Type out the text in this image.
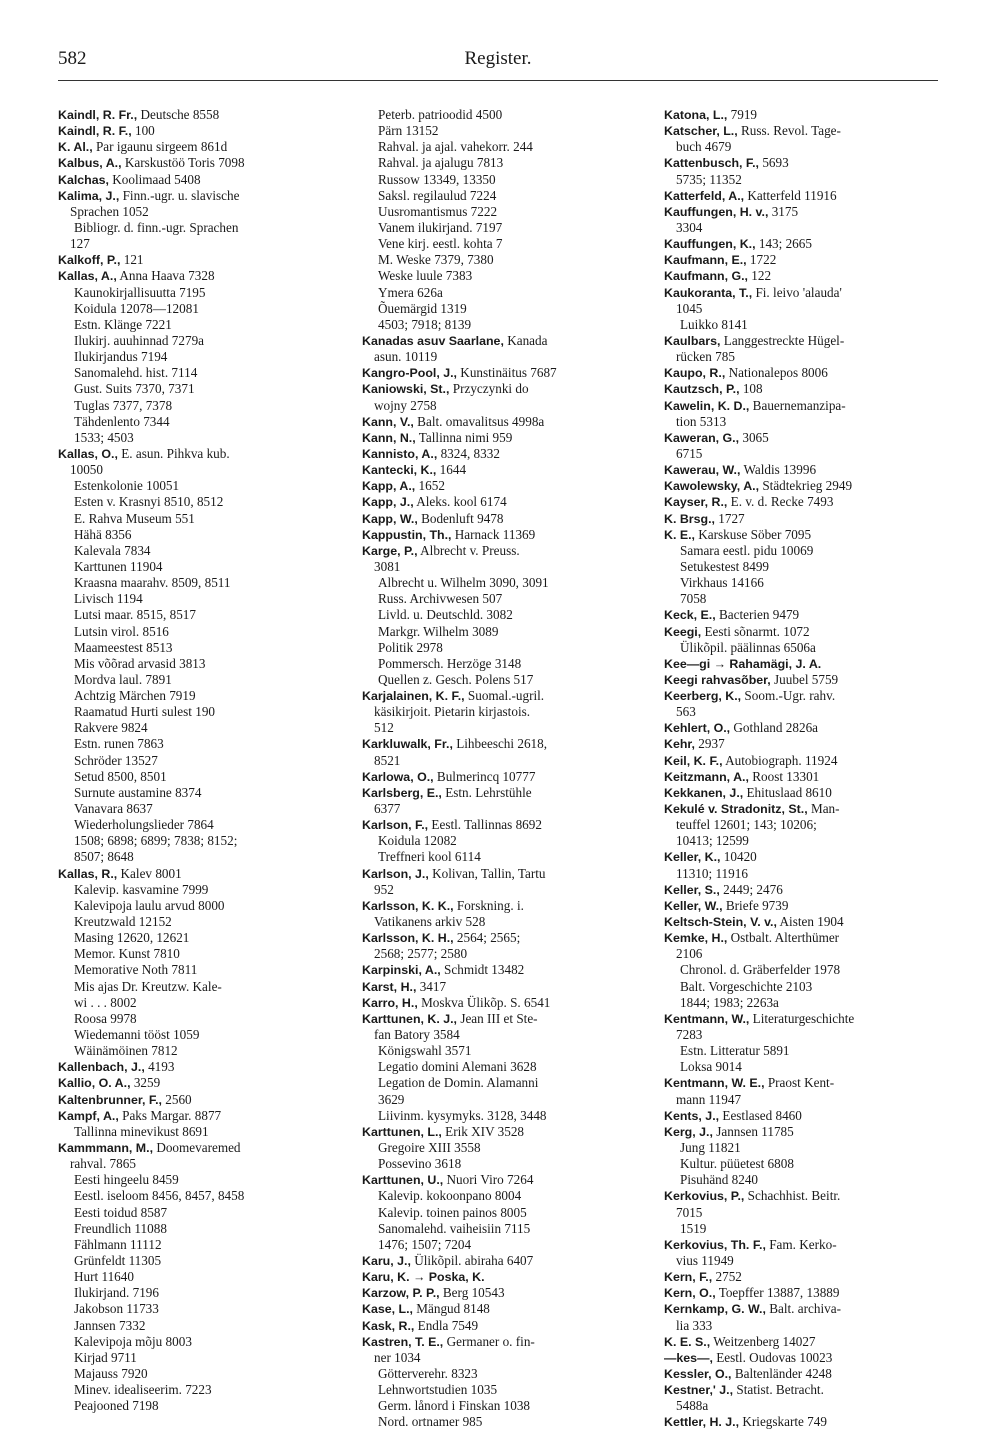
582	Register.
Kaindl, R. Fr., Deutsche 8558
Kaindl, R. F., 100
K. Al., Par igaunu sirgeem 861d
Kalbus, A., Karskustöö Toris 7098
Kalchas, Koolimaad 5408
Kalima, J., Finn.-ugr. u. slavische
Sprachen 1052
Bibliogr. d. finn.-ugr. Sprachen
127
Kalkoff, P., 121
Kallas, A., Anna Haava 7328
Kaunokirjallisuutta 7195
Koidula 12078—12081
Estn. Klänge 7221
Ilukirj. auuhinnad 7279a
Ilukirjandus 7194
Sanomalehd. hist. 7114
Gust. Suits 7370, 7371
Tuglas 7377, 7378
Tähdenlento 7344
1533; 4503
Kallas, O., E. asun. Pihkva kub.
10050
Estenkolonie 10051
Esten v. Krasnyi 8510, 8512
E. Rahva Museum 551
Hähä 8356
Kalevala 7834
Karttunen 11904
Kraasna maarahv. 8509, 8511
Livisch 1194
Lutsi maar. 8515, 8517
Lutsin virol. 8516
Maameestest 8513
Mis võõrad arvasid 3813
Mordva laul. 7891
Achtzig Märchen 7919
Raamatud Hurti sulest 190
Rakvere 9824
Estn. runen 7863
Schröder 13527
Setud 8500, 8501
Surnute austamine 8374
Vanavara 8637
Wiederholungslieder 7864
1508; 6898; 6899; 7838; 8152;
8507; 8648
Kallas, R., Kalev 8001
Kalevip. kasvamine 7999
Kalevipoja laulu arvud 8000
Kreutzwald 12152
Masing 12620, 12621
Memor. Kunst 7810
Memorative Noth 7811
Mis ajas Dr. Kreutzw. Kale-
wi . . . 8002
Roosa 9978
Wiedemanni tööst 1059
Wäinämöinen 7812
Kallenbach, J., 4193
Kallio, O. A., 3259
Kaltenbrunner, F., 2560
Kampf, A., Paks Margar. 8877
Tallinna minevikust 8691
Kammmann, M., Doomevaremed
rahval. 7865
Eesti hingeelu 8459
Eestl. iseloom 8456, 8457, 8458
Eesti toidud 8587
Freundlich 11088
Fählmann 11112
Grünfeldt 11305
Hurt 11640
Ilukirjand. 7196
Jakobson 11733
Jannsen 7332
Kalevipoja mõju 8003
Kirjad 9711
Majauss 7920
Minev. idealiseerim. 7223
Peajooned 7198
Peterb. patrioodid 4500
Pärn 13152
Rahval. ja ajal. vahekorr. 244
Rahval. ja ajalugu 7813
Russow 13349, 13350
Saksl. regilaulud 7224
Uusromantismus 7222
Vanem ilukirjand. 7197
Vene kirj. eestl. kohta 7
M. Weske 7379, 7380
Weske luule 7383
Ymera 626a
Õuemärgid 1319
4503; 7918; 8139
Kanadas asuv Saarlane, Kanada
asun. 10119
Kangro-Pool, J., Kunstinäitus 7687
Kaniowski, St., Przyczynki do
wojny 2758
Kann, V., Balt. omavalitsus 4998a
Kann, N., Tallinna nimi 959
Kannisto, A., 8324, 8332
Kantecki, K., 1644
Kapp, A., 1652
Kapp, J., Aleks. kool 6174
Kapp, W., Bodenluft 9478
Kappustin, Th., Harnack 11369
Karge, P., Albrecht v. Preuss.
3081
Albrecht u. Wilhelm 3090, 3091
Russ. Archivwesen 507
Livld. u. Deutschld. 3082
Markgr. Wilhelm 3089
Politik 2978
Pommersch. Herzöge 3148
Quellen z. Gesch. Polens 517
Karjalainen, K. F., Suomal.-ugril.
käsikirjoit. Pietarin kirjastois.
512
Karkluwalk, Fr., Lihbeeschi 2618,
8521
Karlowa, O., Bulmerincq 10777
Karlsberg, E., Estn. Lehrstühle
6377
Karlson, F., Eestl. Tallinnas 8692
Koidula 12082
Treffneri kool 6114
Karlson, J., Kolivan, Tallin, Tartu
952
Karlsson, K. K., Forskning. i.
Vatikanens arkiv 528
Karlsson, K. H., 2564; 2565;
2568; 2577; 2580
Karpinski, A., Schmidt 13482
Karst, H., 3417
Karro, H., Moskva Ülikõp. S. 6541
Karttunen, K. J., Jean III et Ste-
fan Batory 3584
Königswahl 3571
Legatio domini Alemani 3628
Legation de Domin. Alamanni
3629
Liivinm. kysymyks. 3128, 3448
Karttunen, L., Erik XIV 3528
Gregoire XIII 3558
Possevino 3618
Karttunen, U., Nuori Viro 7264
Kalevip. kokoonpano 8004
Kalevip. toinen painos 8005
Sanomalehd. vaiheisiin 7115
1476; 1507; 7204
Karu, J., Ülikõpil. abiraha 6407
Karu, K. → Poska, K.
Karzow, P. P., Berg 10543
Kase, L., Mängud 8148
Kask, R., Endla 7549
Kastren, T. E., Germaner o. fin-
ner 1034
Götterverehr. 8323
Lehnwortstudien 1035
Germ. lånord i Finskan 1038
Nord. ortnamer 985
Katona, L., 7919
Katscher, L., Russ. Revol. Tage-
buch 4679
Kattenbusch, F., 5693
5735; 11352
Katterfeld, A., Katterfeld 11916
Kauffungen, H. v., 3175
3304
Kauffungen, K., 143; 2665
Kaufmann, E., 1722
Kaufmann, G., 122
Kaukoranta, T., Fi. leivo 'alauda'
1045
Luikko 8141
Kaulbars, Langgestreckte Hügel-
rücken 785
Kaupo, R., Nationalepos 8006
Kautzsch, P., 108
Kawelin, K. D., Bauernemanzipa-
tion 5313
Kaweran, G., 3065
6715
Kawerau, W., Waldis 13996
Kawolewsky, A., Städtekrieg 2949
Kayser, R., E. v. d. Recke 7493
K. Brsg., 1727
K. E., Karskuse Söber 7095
Samara eestl. pidu 10069
Setukestest 8499
Virkhaus 14166
7058
Keck, E., Bacterien 9479
Keegi, Eesti sõnarmt. 1072
Ülikõpil. päälinnas 6506a
Kee—gi → Rahamägi, J. A.
Keegi rahvasõber, Juubel 5759
Keerberg, K., Soom.-Ugr. rahv.
563
Kehlert, O., Gothland 2826a
Kehr, 2937
Keil, K. F., Autobiograph. 11924
Keitzmann, A., Roost 13301
Kekkanen, J., Ehituslaad 8610
Kekulé v. Stradonitz, St., Man-
teuffel 12601; 143; 10206;
10413; 12599
Keller, K., 10420
11310; 11916
Keller, S., 2449; 2476
Keller, W., Briefe 9739
Keltsch-Stein, V. v., Aisten 1904
Kemke, H., Ostbalt. Alterthümer
2106
Chronol. d. Gräberfelder 1978
Balt. Vorgeschichte 2103
1844; 1983; 2263a
Kentmann, W., Literaturgeschichte
7283
Estn. Litteratur 5891
Loksa 9014
Kentmann, W. E., Praost Kent-
mann 11947
Kents, J., Eestlased 8460
Kerg, J., Jannsen 11785
Jung 11821
Kultur. püüetest 6808
Pisuhänd 8240
Kerkovius, P., Schachhist. Beitr.
7015
1519
Kerkovius, Th. F., Fam. Kerko-
vius 11949
Kern, F., 2752
Kern, O., Toepffer 13887, 13889
Kernkamp, G. W., Balt. archivа-
lia 333
K. E. S., Weitzenberg 14027
—kes—, Eestl. Oudovas 10023
Kessler, O., Baltenländer 4248
Kestner,' J., Statist. Betracht.
5488a
Kettler, H. J., Kriegskarte 749
